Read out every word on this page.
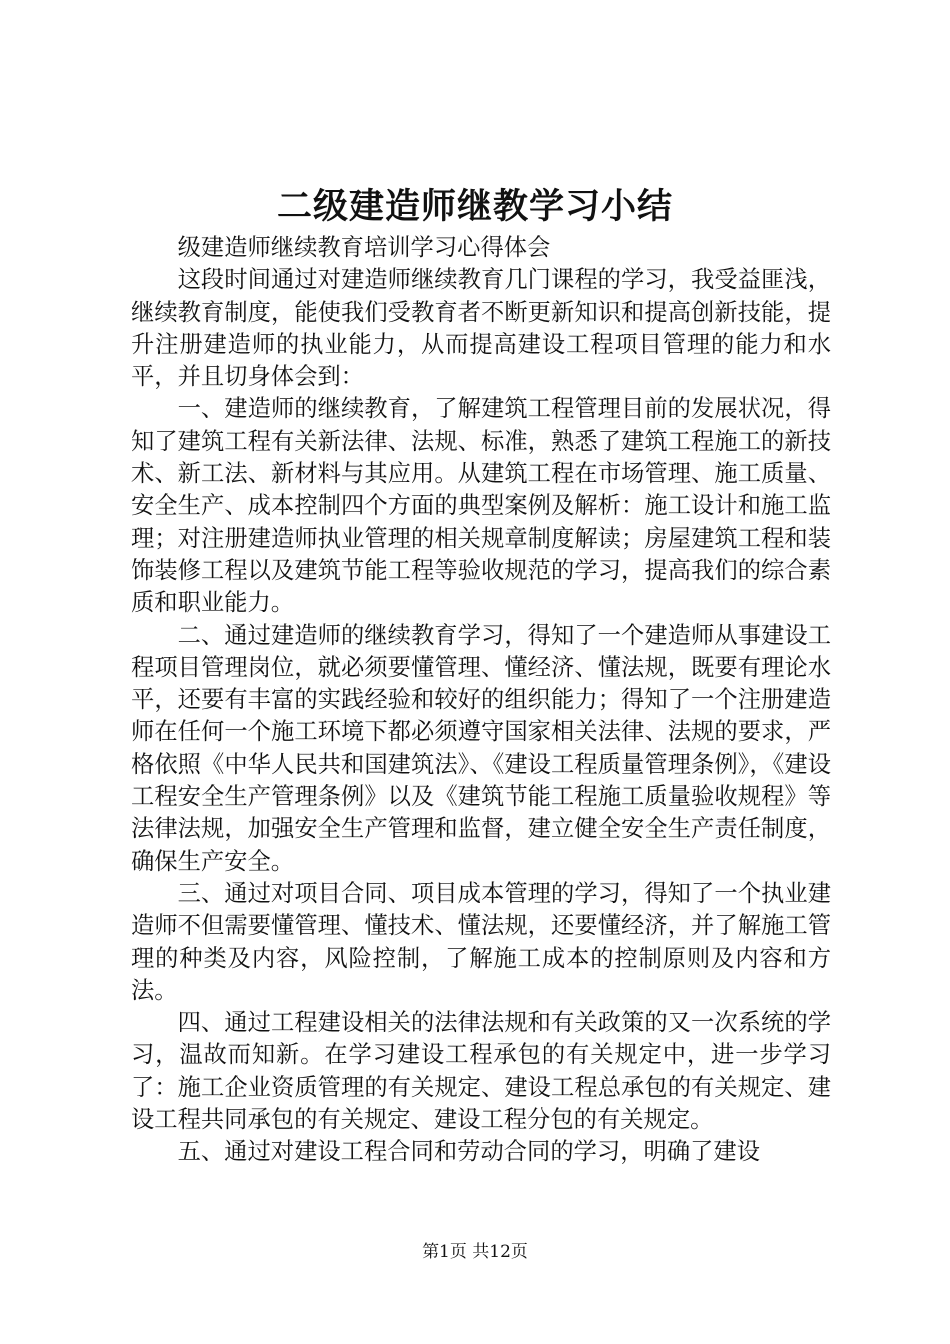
二级建造师继教学习小结

级建造师继续教育培训学习心得体会

这段时间通过对建造师继续教育几门课程的学习，我受益匪浅，继续教育制度，能使我们受教育者不断更新知识和提高创新技能，提升注册建造师的执业能力，从而提高建设工程项目管理的能力和水平，并且切身体会到：

一、建造师的继续教育，了解建筑工程管理目前的发展状况，得知了建筑工程有关新法律、法规、标准，熟悉了建筑工程施工的新技术、新工法、新材料与其应用。从建筑工程在市场管理、施工质量、安全生产、成本控制四个方面的典型案例及解析：施工设计和施工监理；对注册建造师执业管理的相关规章制度解读；房屋建筑工程和装饰装修工程以及建筑节能工程等验收规范的学习，提高我们的综合素质和职业能力。

二、通过建造师的继续教育学习，得知了一个建造师从事建设工程项目管理岗位，就必须要懂管理、懂经济、懂法规，既要有理论水平，还要有丰富的实践经验和较好的组织能力；得知了一个注册建造师在任何一个施工环境下都必须遵守国家相关法律、法规的要求，严格依照《中华人民共和国建筑法》、《建设工程质量管理条例》，《建设工程安全生产管理条例》以及《建筑节能工程施工质量验收规程》等法律法规，加强安全生产管理和监督，建立健全安全生产责任制度，确保生产安全。

三、通过对项目合同、项目成本管理的学习，得知了一个执业建造师不但需要懂管理、懂技术、懂法规，还要懂经济，并了解施工管理的种类及内容，风险控制，了解施工成本的控制原则及内容和方法。

四、通过工程建设相关的法律法规和有关政策的又一次系统的学习，温故而知新。在学习建设工程承包的有关规定中，进一步学习了：施工企业资质管理的有关规定、建设工程总承包的有关规定、建设工程共同承包的有关规定、建设工程分包的有关规定。

五、通过对建设工程合同和劳动合同的学习，明确了建设

第1页 共12页
